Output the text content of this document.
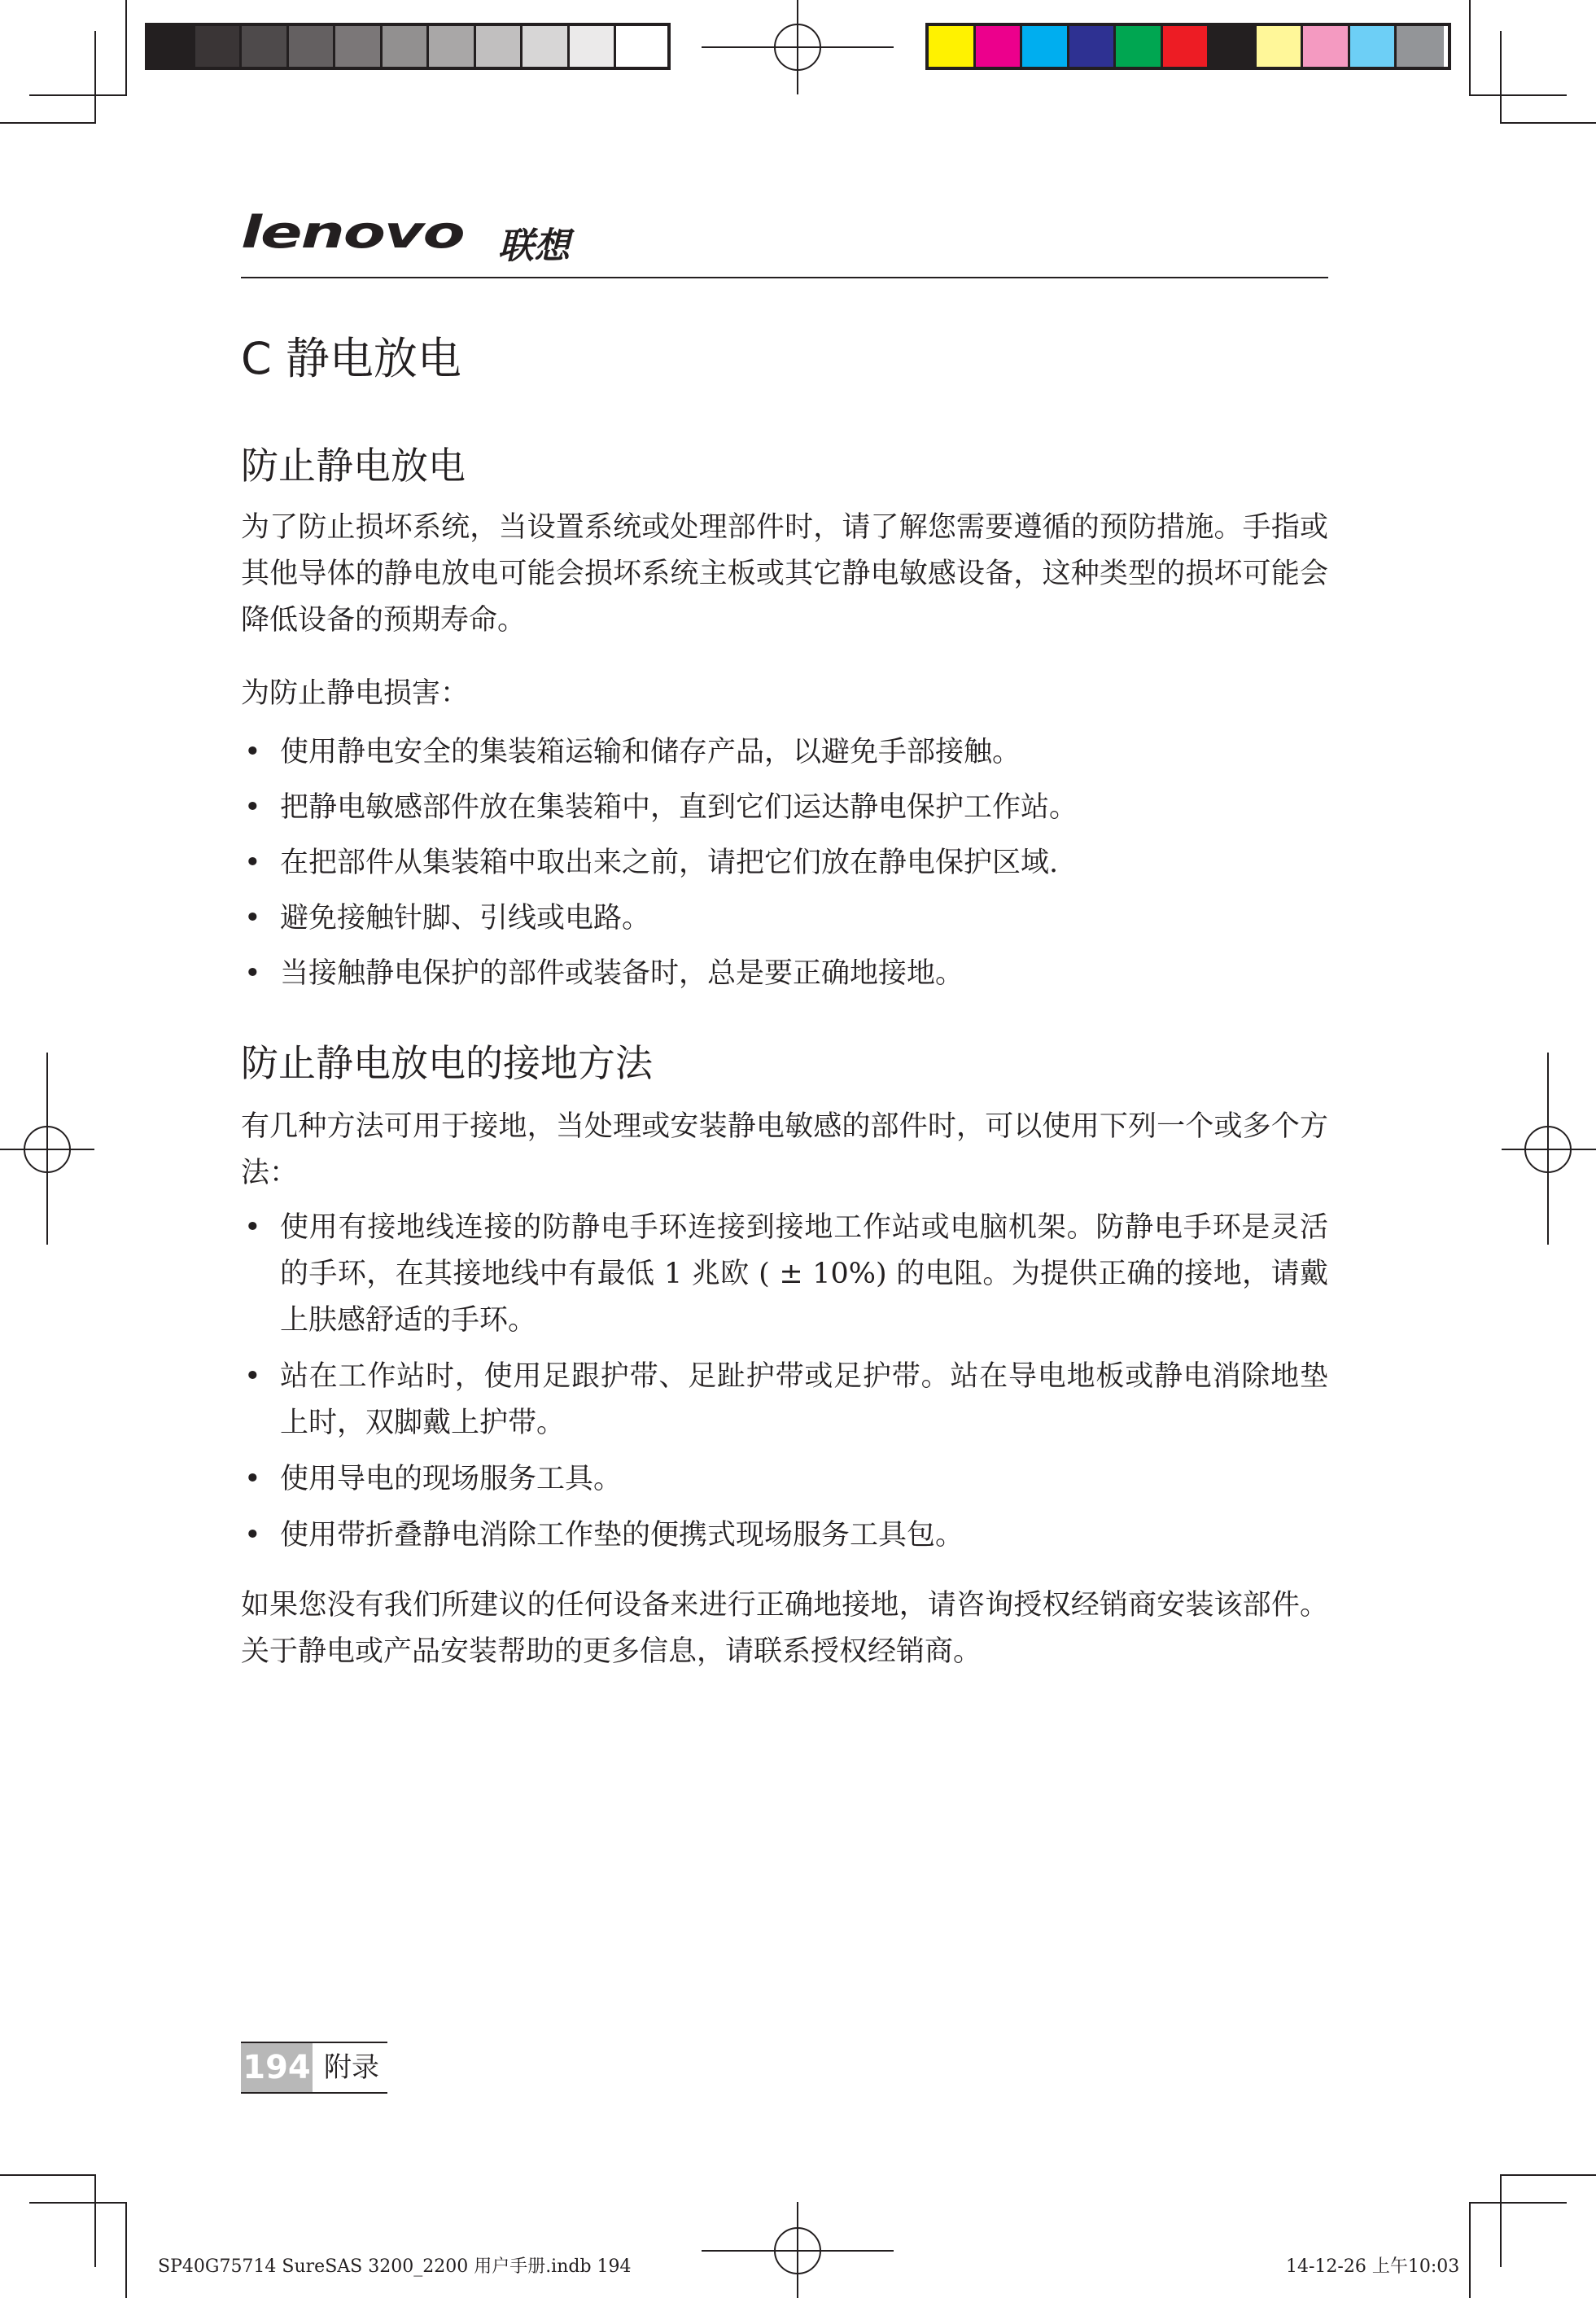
lenovo 联想
C 静电放电
防止静电放电
为了防止损坏系统，当设置系统或处理部件时，请了解您需要遵循的预防措施。手指或其他导体的静电放电可能会损坏系统主板或其它静电敏感设备，这种类型的损坏可能会降低设备的预期寿命。
为防止静电损害：
• 使用静电安全的集装箱运输和储存产品，以避免手部接触。
• 把静电敏感部件放在集装箱中，直到它们运达静电保护工作站。
• 在把部件从集装箱中取出来之前，请把它们放在静电保护区域.
• 避免接触针脚、引线或电路。
• 当接触静电保护的部件或装备时，总是要正确地接地。
防止静电放电的接地方法
有几种方法可用于接地，当处理或安装静电敏感的部件时，可以使用下列一个或多个方法：
• 使用有接地线连接的防静电手环连接到接地工作站或电脑机架。防静电手环是灵活的手环，在其接地线中有最低 1 兆欧 ( ± 10%) 的电阻。为提供正确的接地，请戴上肤感舒适的手环。
• 站在工作站时，使用足跟护带、足趾护带或足护带。站在导电地板或静电消除地垫上时，双脚戴上护带。
• 使用导电的现场服务工具。
• 使用带折叠静电消除工作垫的便携式现场服务工具包。
如果您没有我们所建议的任何设备来进行正确地接地，请咨询授权经销商安装该部件。关于静电或产品安装帮助的更多信息，请联系授权经销商。
194 附录
SP40G75714 SureSAS 3200_2200 用户手册.indb 194	14-12-26 上午10:03
